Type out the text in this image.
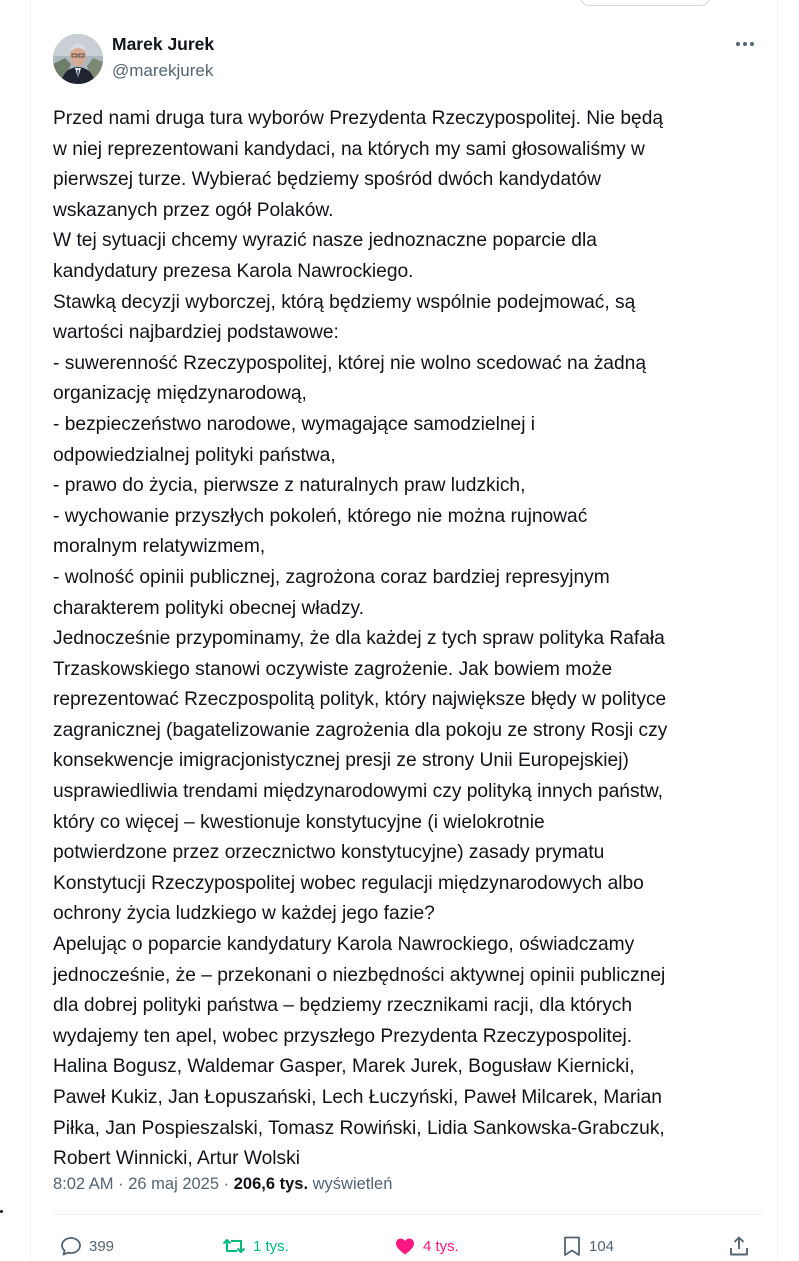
Marek Jurek
@marekjurek

Przed nami druga tura wyborów Prezydenta Rzeczypospolitej. Nie będą
w niej reprezentowani kandydaci, na których my sami głosowaliśmy w
pierwszej turze. Wybierać będziemy spośród dwóch kandydatów
wskazanych przez ogół Polaków.
W tej sytuacji chcemy wyrazić nasze jednoznaczne poparcie dla
kandydatury prezesa Karola Nawrockiego.
Stawką decyzji wyborczej, którą będziemy wspólnie podejmować, są
wartości najbardziej podstawowe:
- suwerenność Rzeczypospolitej, której nie wolno scedować na żadną
organizację międzynarodową,
- bezpieczeństwo narodowe, wymagające samodzielnej i
odpowiedzialnej polityki państwa,
- prawo do życia, pierwsze z naturalnych praw ludzkich,
- wychowanie przyszłych pokoleń, którego nie można rujnować
moralnym relatywizmem,
- wolność opinii publicznej, zagrożona coraz bardziej represyjnym
charakterem polityki obecnej władzy.
Jednocześnie przypominamy, że dla każdej z tych spraw polityka Rafała
Trzaskowskiego stanowi oczywiste zagrożenie. Jak bowiem może
reprezentować Rzeczpospolitą polityk, który największe błędy w polityce
zagranicznej (bagatelizowanie zagrożenia dla pokoju ze strony Rosji czy
konsekwencje imigracjonistycznej presji ze strony Unii Europejskiej)
usprawiedliwia trendami międzynarodowymi czy polityką innych państw,
który co więcej – kwestionuje konstytucyjne (i wielokrotnie
potwierdzone przez orzecznictwo konstytucyjne) zasady prymatu
Konstytucji Rzeczypospolitej wobec regulacji międzynarodowych albo
ochrony życia ludzkiego w każdej jego fazie?
Apelując o poparcie kandydatury Karola Nawrockiego, oświadczamy
jednocześnie, że – przekonani o niezbędności aktywnej opinii publicznej
dla dobrej polityki państwa – będziemy rzecznikami racji, dla których
wydajemy ten apel, wobec przyszłego Prezydenta Rzeczypospolitej.
Halina Bogusz, Waldemar Gasper, Marek Jurek, Bogusław Kiernicki,
Paweł Kukiz, Jan Łopuszański, Lech Łuczyński, Paweł Milcarek, Marian
Piłka, Jan Pospieszalski, Tomasz Rowiński, Lidia Sankowska-Grabczuk,
Robert Winnicki, Artur Wolski

8:02 AM · 26 maj 2025 · 206,6 tys. wyświetleń
399	1 tys.	4 tys.	104
